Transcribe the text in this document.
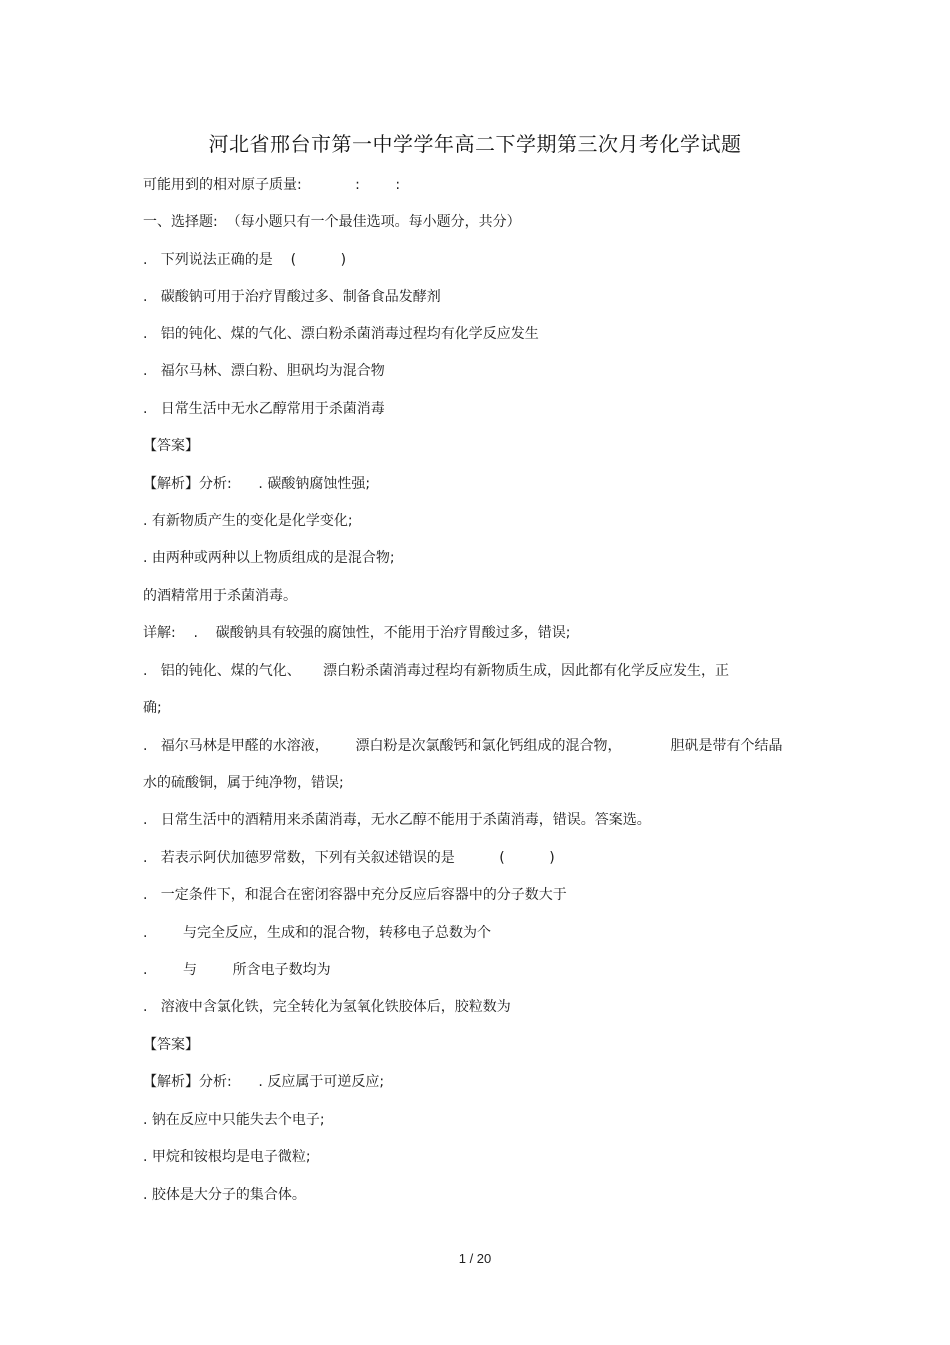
河北省邢台市第一中学学年高二下学期第三次月考化学试题
可能用到的相对原子质量:            :        :
一、选择题:  （每小题只有一个最佳选项。每小题分，共分）
.   下列说法正确的是    (          )
.   碳酸钠可用于治疗胃酸过多、制备食品发酵剂
.   铝的钝化、煤的气化、漂白粉杀菌消毒过程均有化学反应发生
.   福尔马林、漂白粉、胆矾均为混合物
.   日常生活中无水乙醇常用于杀菌消毒
【答案】
【解析】分析:      . 碳酸钠腐蚀性强;
. 有新物质产生的变化是化学变化;
. 由两种或两种以上物质组成的是混合物;
的酒精常用于杀菌消毒。
详解:    .    碳酸钠具有较强的腐蚀性，不能用于治疗胃酸过多，错误;
.   铝的钝化、煤的气化、     漂白粉杀菌消毒过程均有新物质生成，因此都有化学反应发生，正
确;
.   福尔马林是甲醛的水溶液，      漂白粉是次氯酸钙和氯化钙组成的混合物，           胆矾是带有个结晶
水的硫酸铜，属于纯净物，错误;
.   日常生活中的酒精用来杀菌消毒，无水乙醇不能用于杀菌消毒，错误。答案选。
.   若表示阿伏加德罗常数，下列有关叙述错误的是          (          )
.   一定条件下，和混合在密闭容器中充分反应后容器中的分子数大于
.        与完全反应，生成和的混合物，转移电子总数为个
.        与        所含电子数均为
.   溶液中含氯化铁，完全转化为氢氧化铁胶体后，胶粒数为
【答案】
【解析】分析:      . 反应属于可逆反应;
. 钠在反应中只能失去个电子;
. 甲烷和铵根均是电子微粒;
. 胶体是大分子的集合体。
1 / 20
